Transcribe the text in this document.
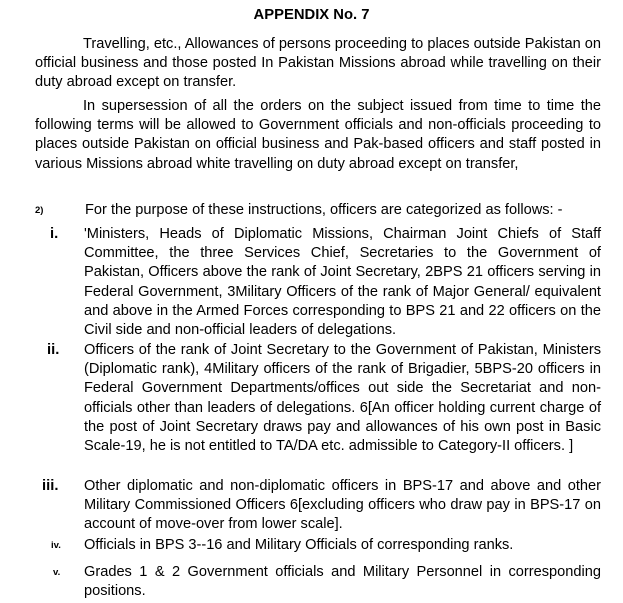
APPENDIX No. 7

Travelling, etc., Allowances of persons proceeding to places outside Pakistan on official business and those posted In Pakistan Missions abroad while travelling on their duty abroad except on transfer.

In supersession of all the orders on the subject issued from time to time the following terms will be allowed to Government officials and non-officials proceeding to places outside Pakistan on official business and Pak-based officers and staff posted in various Missions abroad white travelling on duty abroad except on transfer,

2)	For the purpose of these instructions, officers are categorized as follows: -

i. 'Ministers, Heads of Diplomatic Missions, Chairman Joint Chiefs of Staff Committee, the three Services Chief, Secretaries to the Government of Pakistan, Officers above the rank of Joint Secretary, 2BPS 21 officers serving in Federal Government, 3Military Officers of the rank of Major General/ equivalent and above in the Armed Forces corresponding to BPS 21 and 22 officers on the Civil side and non-official leaders of delegations.

ii. Officers of the rank of Joint Secretary to the Government of Pakistan, Ministers (Diplomatic rank), 4Military officers of the rank of Brigadier, 5BPS-20 officers in Federal Government Departments/offices out side the Secretariat and non-officials other than leaders of delegations. 6[An officer holding current charge of the post of Joint Secretary draws pay and allowances of his own post in Basic Scale-19, he is not entitled to TA/DA etc. admissible to Category-II officers. ]

iii. Other diplomatic and non-diplomatic officers in BPS-17 and above and other Military Commissioned Officers 6[excluding officers who draw pay in BPS-17 on account of move-over from lower scale].

iv. Officials in BPS 3--16 and Military Officials of corresponding ranks.

v. Grades 1 & 2 Government officials and Military Personnel in corresponding positions.
